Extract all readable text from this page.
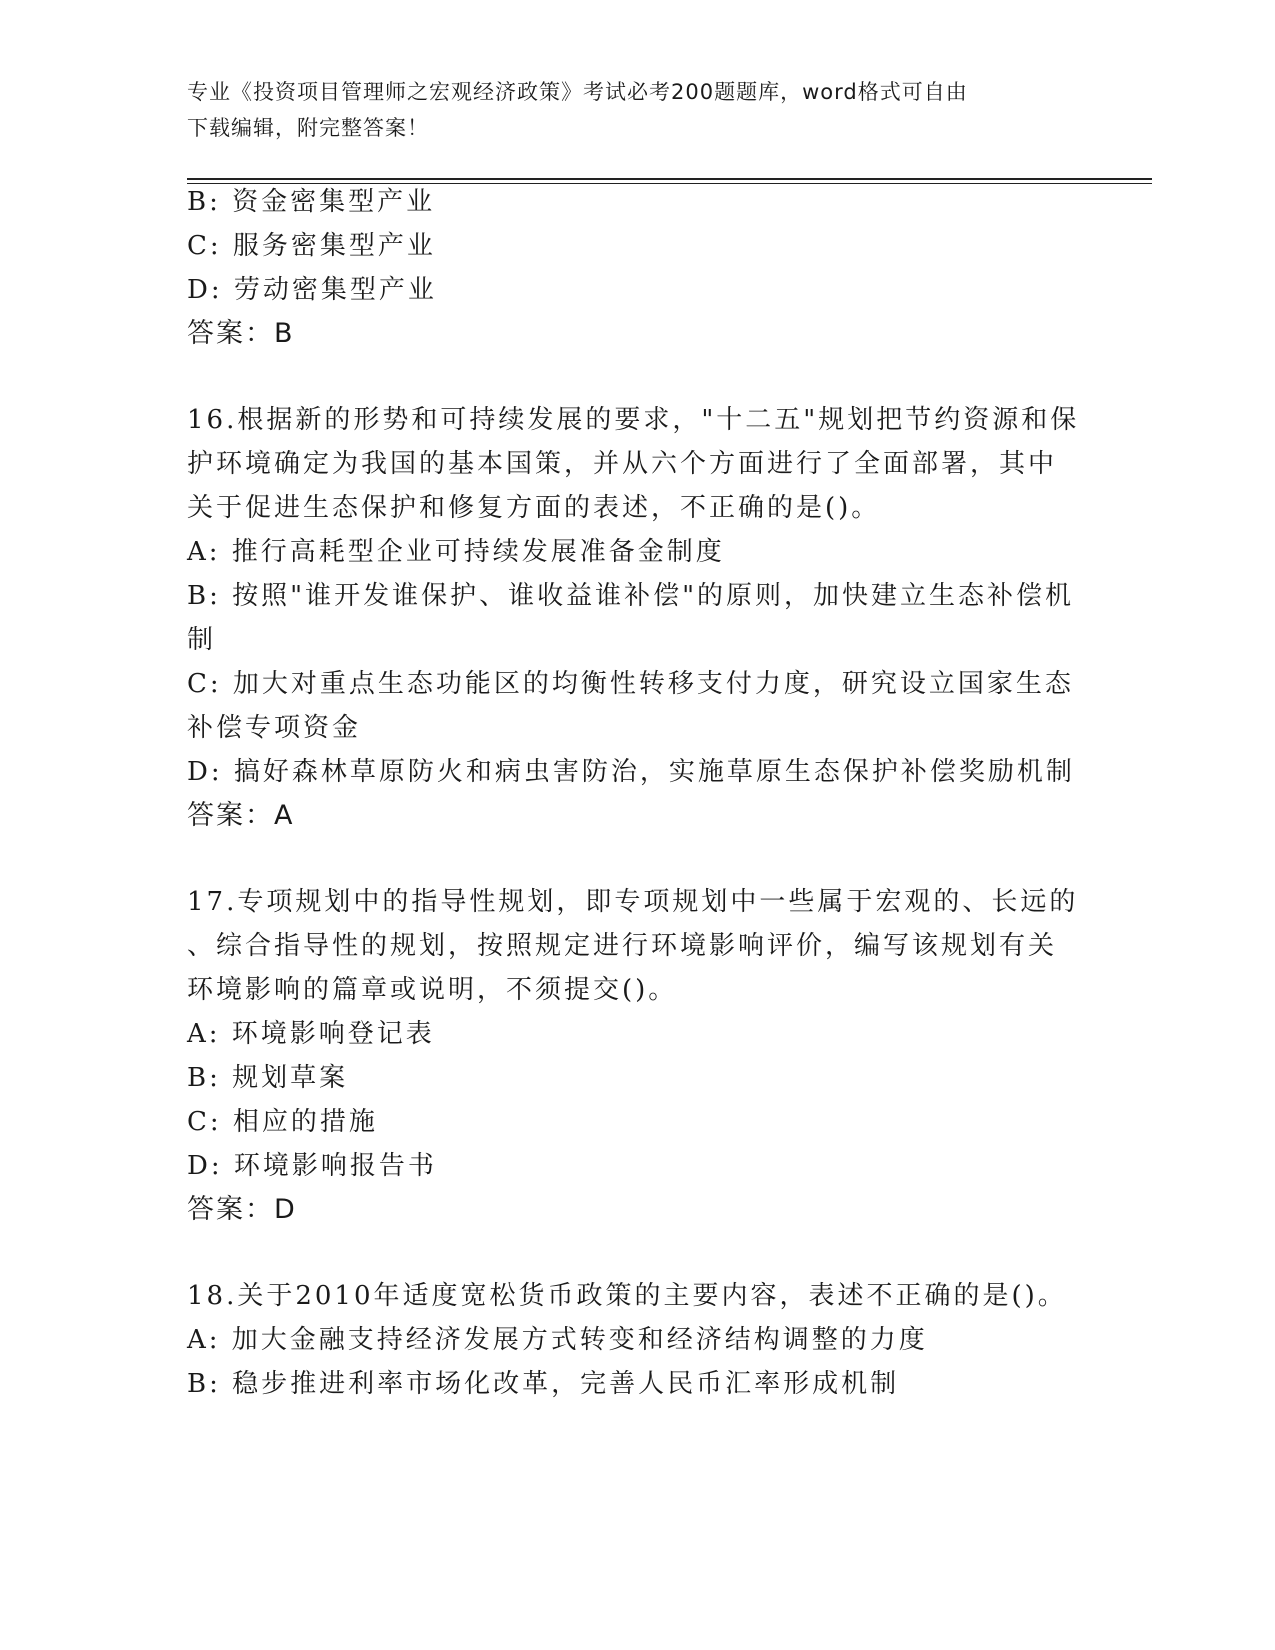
专业《投资项目管理师之宏观经济政策》考试必考200题题库，word格式可自由
下载编辑，附完整答案！
B: 资金密集型产业
C: 服务密集型产业
D: 劳动密集型产业
答案：B
16.根据新的形势和可持续发展的要求，"十二五"规划把节约资源和保
护环境确定为我国的基本国策，并从六个方面进行了全面部署，其中
关于促进生态保护和修复方面的表述，不正确的是()。
A: 推行高耗型企业可持续发展准备金制度
B: 按照"谁开发谁保护、谁收益谁补偿"的原则，加快建立生态补偿机
制
C: 加大对重点生态功能区的均衡性转移支付力度，研究设立国家生态
补偿专项资金
D: 搞好森林草原防火和病虫害防治，实施草原生态保护补偿奖励机制
答案：A
17.专项规划中的指导性规划，即专项规划中一些属于宏观的、长远的
、综合指导性的规划，按照规定进行环境影响评价，编写该规划有关
环境影响的篇章或说明，不须提交()。
A: 环境影响登记表
B: 规划草案
C: 相应的措施
D: 环境影响报告书
答案：D
18.关于2010年适度宽松货币政策的主要内容，表述不正确的是()。
A: 加大金融支持经济发展方式转变和经济结构调整的力度
B: 稳步推进利率市场化改革，完善人民币汇率形成机制
